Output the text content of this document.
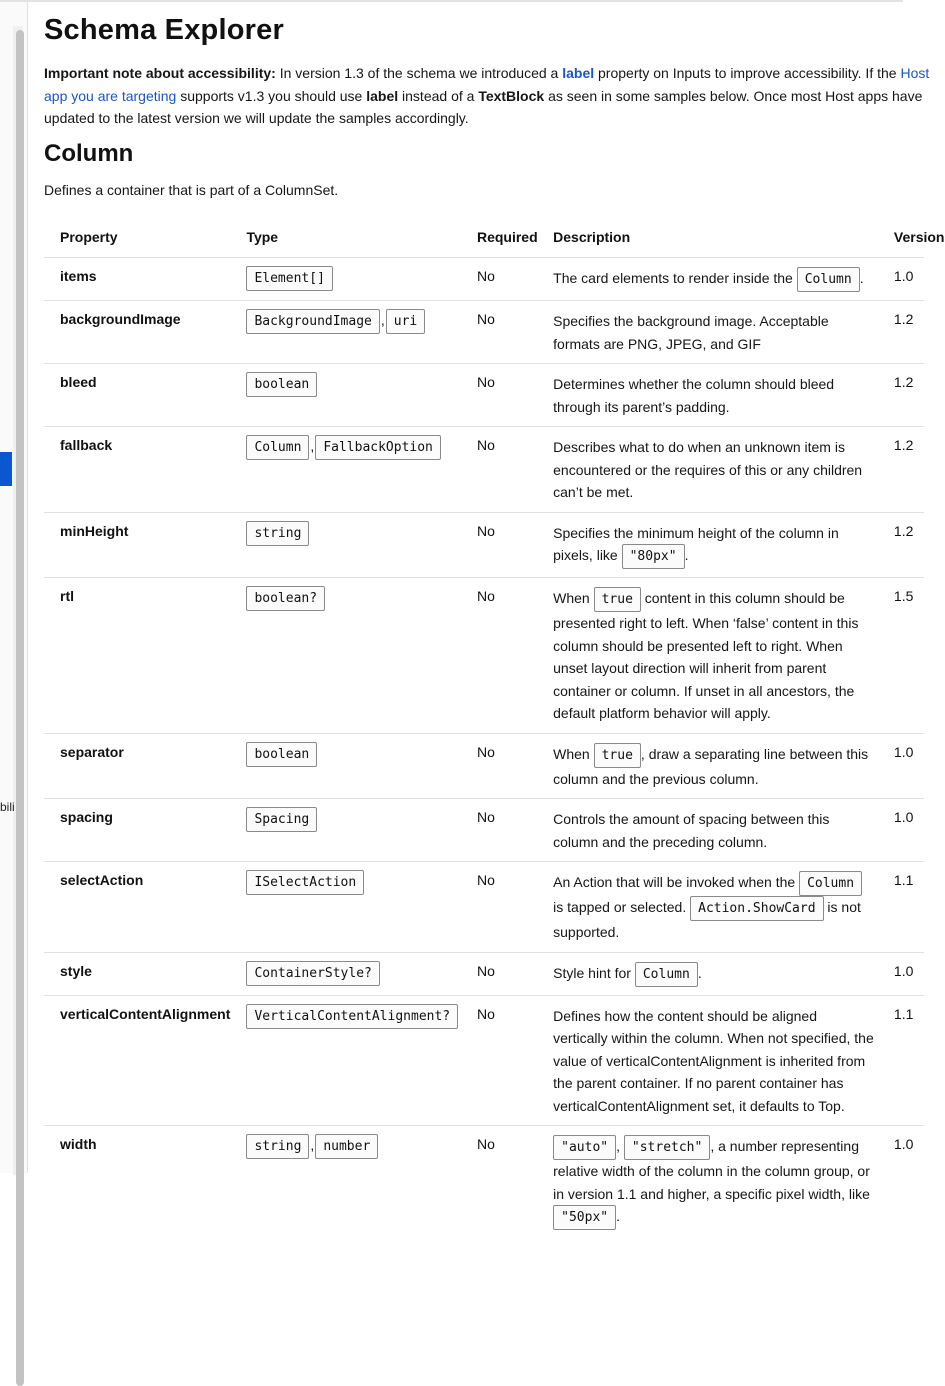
bili
Schema Explorer

Important note about accessibility: In version 1.3 of the schema we introduced a label property on Inputs to improve accessibility. If the Host app you are targeting supports v1.3 you should use label instead of a TextBlock as seen in some samples below. Once most Host apps have updated to the latest version we will update the samples accordingly.

Column
Defines a container that is part of a ColumnSet.
Property	Type	Required	Description	Version
items	Element[]	No	The card elements to render inside the Column .	1.0
backgroundImage	BackgroundImage , uri	No	Specifies the background image. Acceptable formats are PNG, JPEG, and GIF	1.2
bleed	boolean	No	Determines whether the column should bleed through its parent’s padding.	1.2
fallback	Column , FallbackOption	No	Describes what to do when an unknown item is encountered or the requires of this or any children can’t be met.	1.2
minHeight	string	No	Specifies the minimum height of the column in pixels, like "80px" .	1.2
rtl	boolean?	No	When true content in this column should be presented right to left. When ‘false’ content in this column should be presented left to right. When unset layout direction will inherit from parent container or column. If unset in all ancestors, the default platform behavior will apply.	1.5
separator	boolean	No	When true , draw a separating line between this column and the previous column.	1.0
spacing	Spacing	No	Controls the amount of spacing between this column and the preceding column.	1.0
selectAction	ISelectAction	No	An Action that will be invoked when the Column is tapped or selected. Action.ShowCard is not supported.	1.1
style	ContainerStyle?	No	Style hint for Column .	1.0
verticalContentAlignment	VerticalContentAlignment?	No	Defines how the content should be aligned vertically within the column. When not specified, the value of verticalContentAlignment is inherited from the parent container. If no parent container has verticalContentAlignment set, it defaults to Top.	1.1
width	string , number	No	"auto" , "stretch" , a number representing relative width of the column in the column group, or in version 1.1 and higher, a specific pixel width, like "50px" .	1.0
